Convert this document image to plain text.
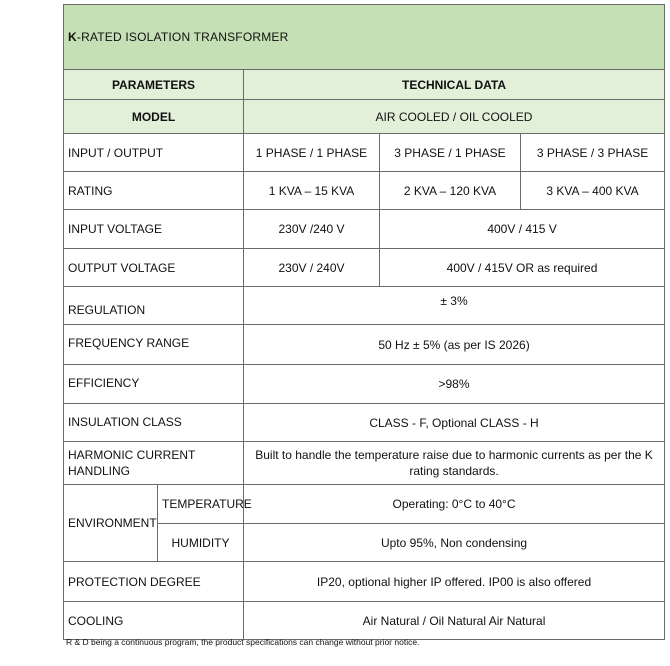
K-RATED ISOLATION TRANSFORMER				
PARAMETERS		TECHNICAL DATA		
MODEL		AIR COOLED / OIL COOLED		
INPUT / OUTPUT		1 PHASE / 1 PHASE	3 PHASE / 1 PHASE	3 PHASE / 3 PHASE
RATING		1 KVA – 15 KVA	2 KVA – 120 KVA	3 KVA – 400 KVA
INPUT VOLTAGE		230V /240 V	400V / 415 V	
OUTPUT VOLTAGE		230V / 240V	400V / 415V OR as required	
REGULATION		± 3%		
FREQUENCY RANGE		50 Hz ± 5% (as per IS 2026)		
EFFICIENCY		>98%		
INSULATION CLASS		CLASS - F, Optional CLASS - H		
HARMONIC CURRENT HANDLING		Built to handle the temperature raise due to harmonic currents as per the K rating standards.		
ENVIRONMENT	TEMPERATURE	Operating: 0°C to 40°C		
	HUMIDITY	Upto 95%, Non condensing		
PROTECTION DEGREE		IP20, optional higher IP offered. IP00 is also offered		
COOLING		Air Natural / Oil Natural Air Natural		
R & D being a continuous program, the product specifications can change without prior notice.
